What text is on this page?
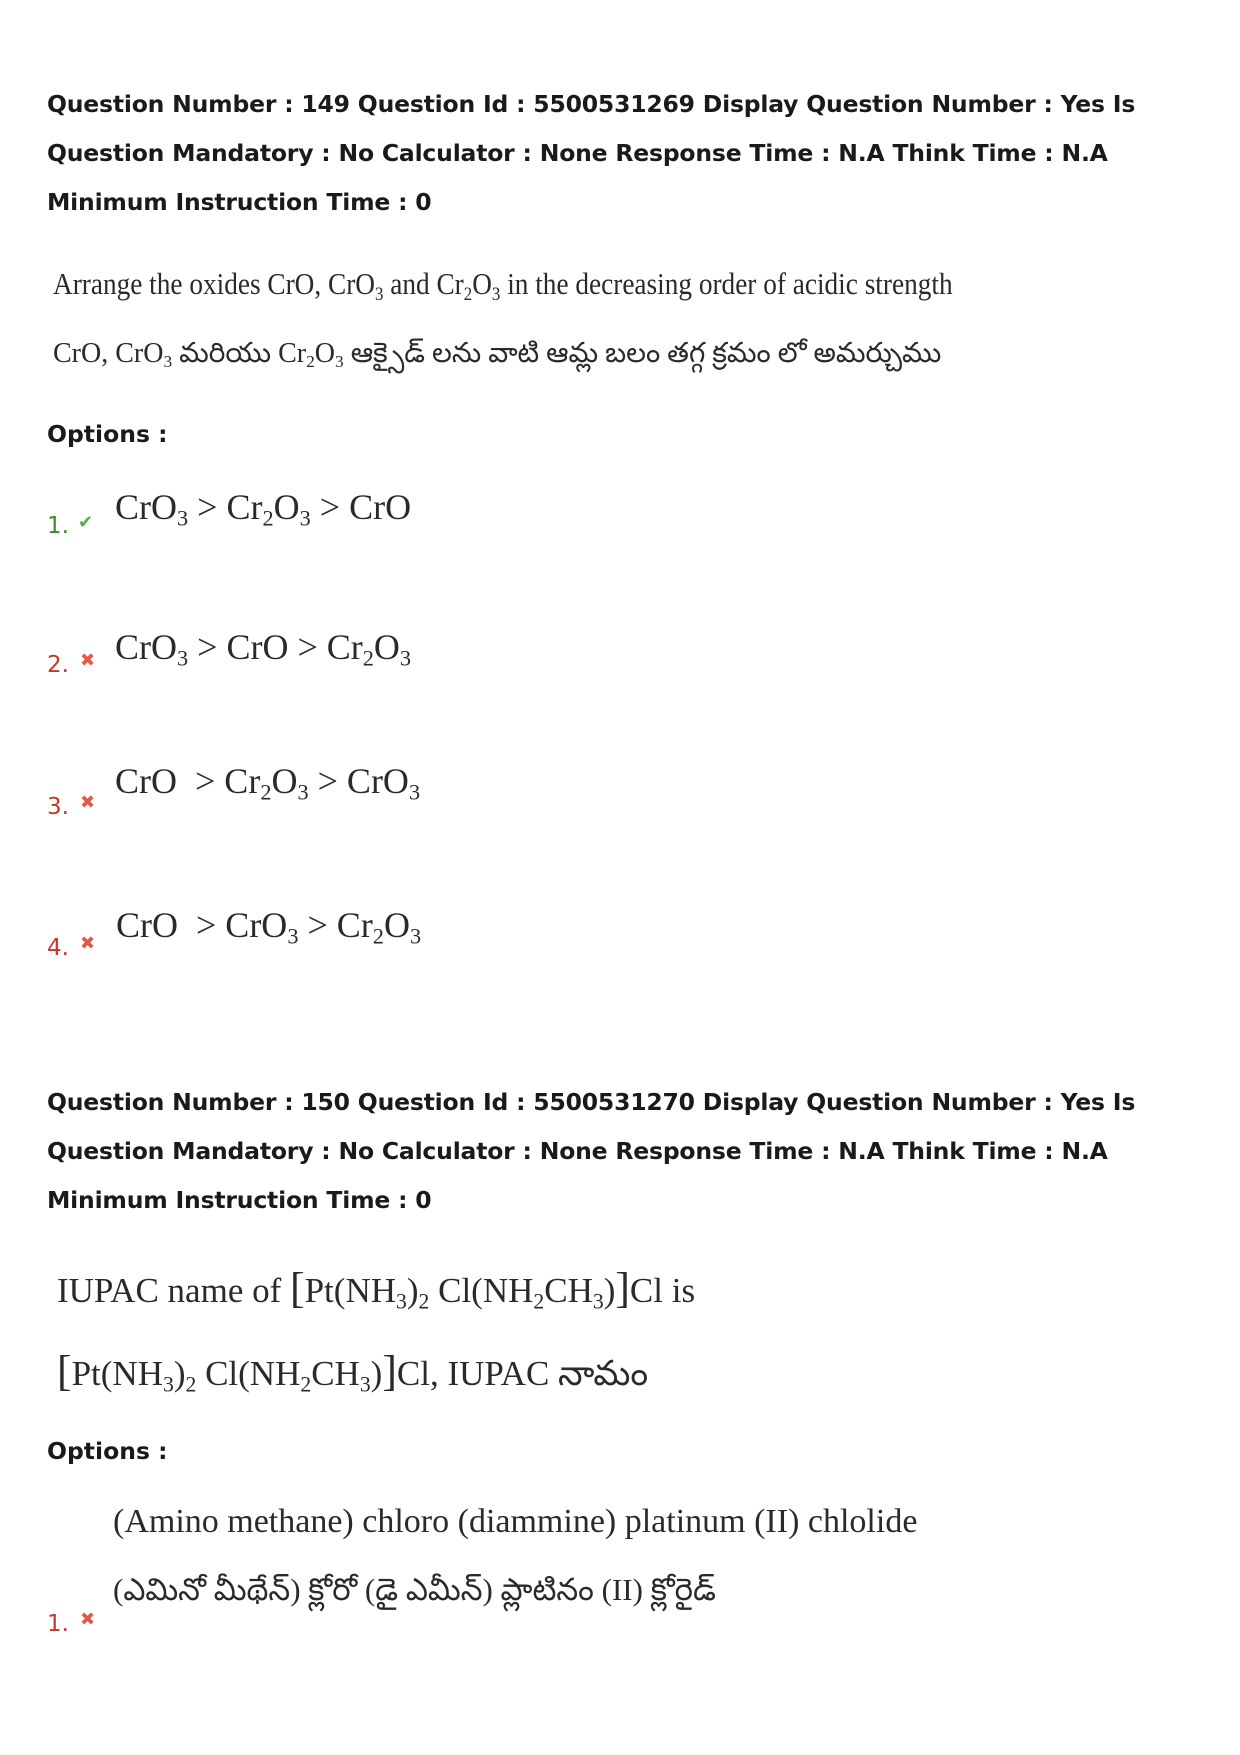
Question Number : 149 Question Id : 5500531269 Display Question Number : Yes Is Question Mandatory : No Calculator : None Response Time : N.A Think Time : N.A Minimum Instruction Time : 0
Arrange the oxides CrO, CrO$_3$ and $Cr_2O_3$ in the decreasing order of acidic strength
CrO, CrO$_3$ మరియు $Cr_2O_3$ ఆక్సైడ్ లను వాటి ఆమ్ల బలం తగ్గ క్రమం లో అమర్చుము
Options :
1. ✔ $CrO_3 > Cr_2O_3$ > CrO
2. ✖ CrO$_3$ > CrO > $Cr_2O_3$
3. ✖
CrO  > $Cr_2O_3 > CrO_3$
4. ✖ CrO  > $CrO_3 > Cr_2O_3$
Question Number : 150 Question Id : 5500531270 Display Question Number : Yes Is Question Mandatory : No Calculator : None Response Time : N.A Think Time : N.A Minimum Instruction Time : 0
IUPAC name of [$Pt(NH_3)_2$ $Cl(NH_2CH_3)]Cl$ is
[$Pt(NH_3)_2$ $Cl(NH_2CH_3)]Cl$, IUPAC నామం
Options :
(Amino methane) chloro (diammine) platinum (II) chlolide
(ఎమినో మీథేన్) క్లోరో (డై ఎమీన్) ప్లాటినం (II) క్లోరైడ్
1. ✖
